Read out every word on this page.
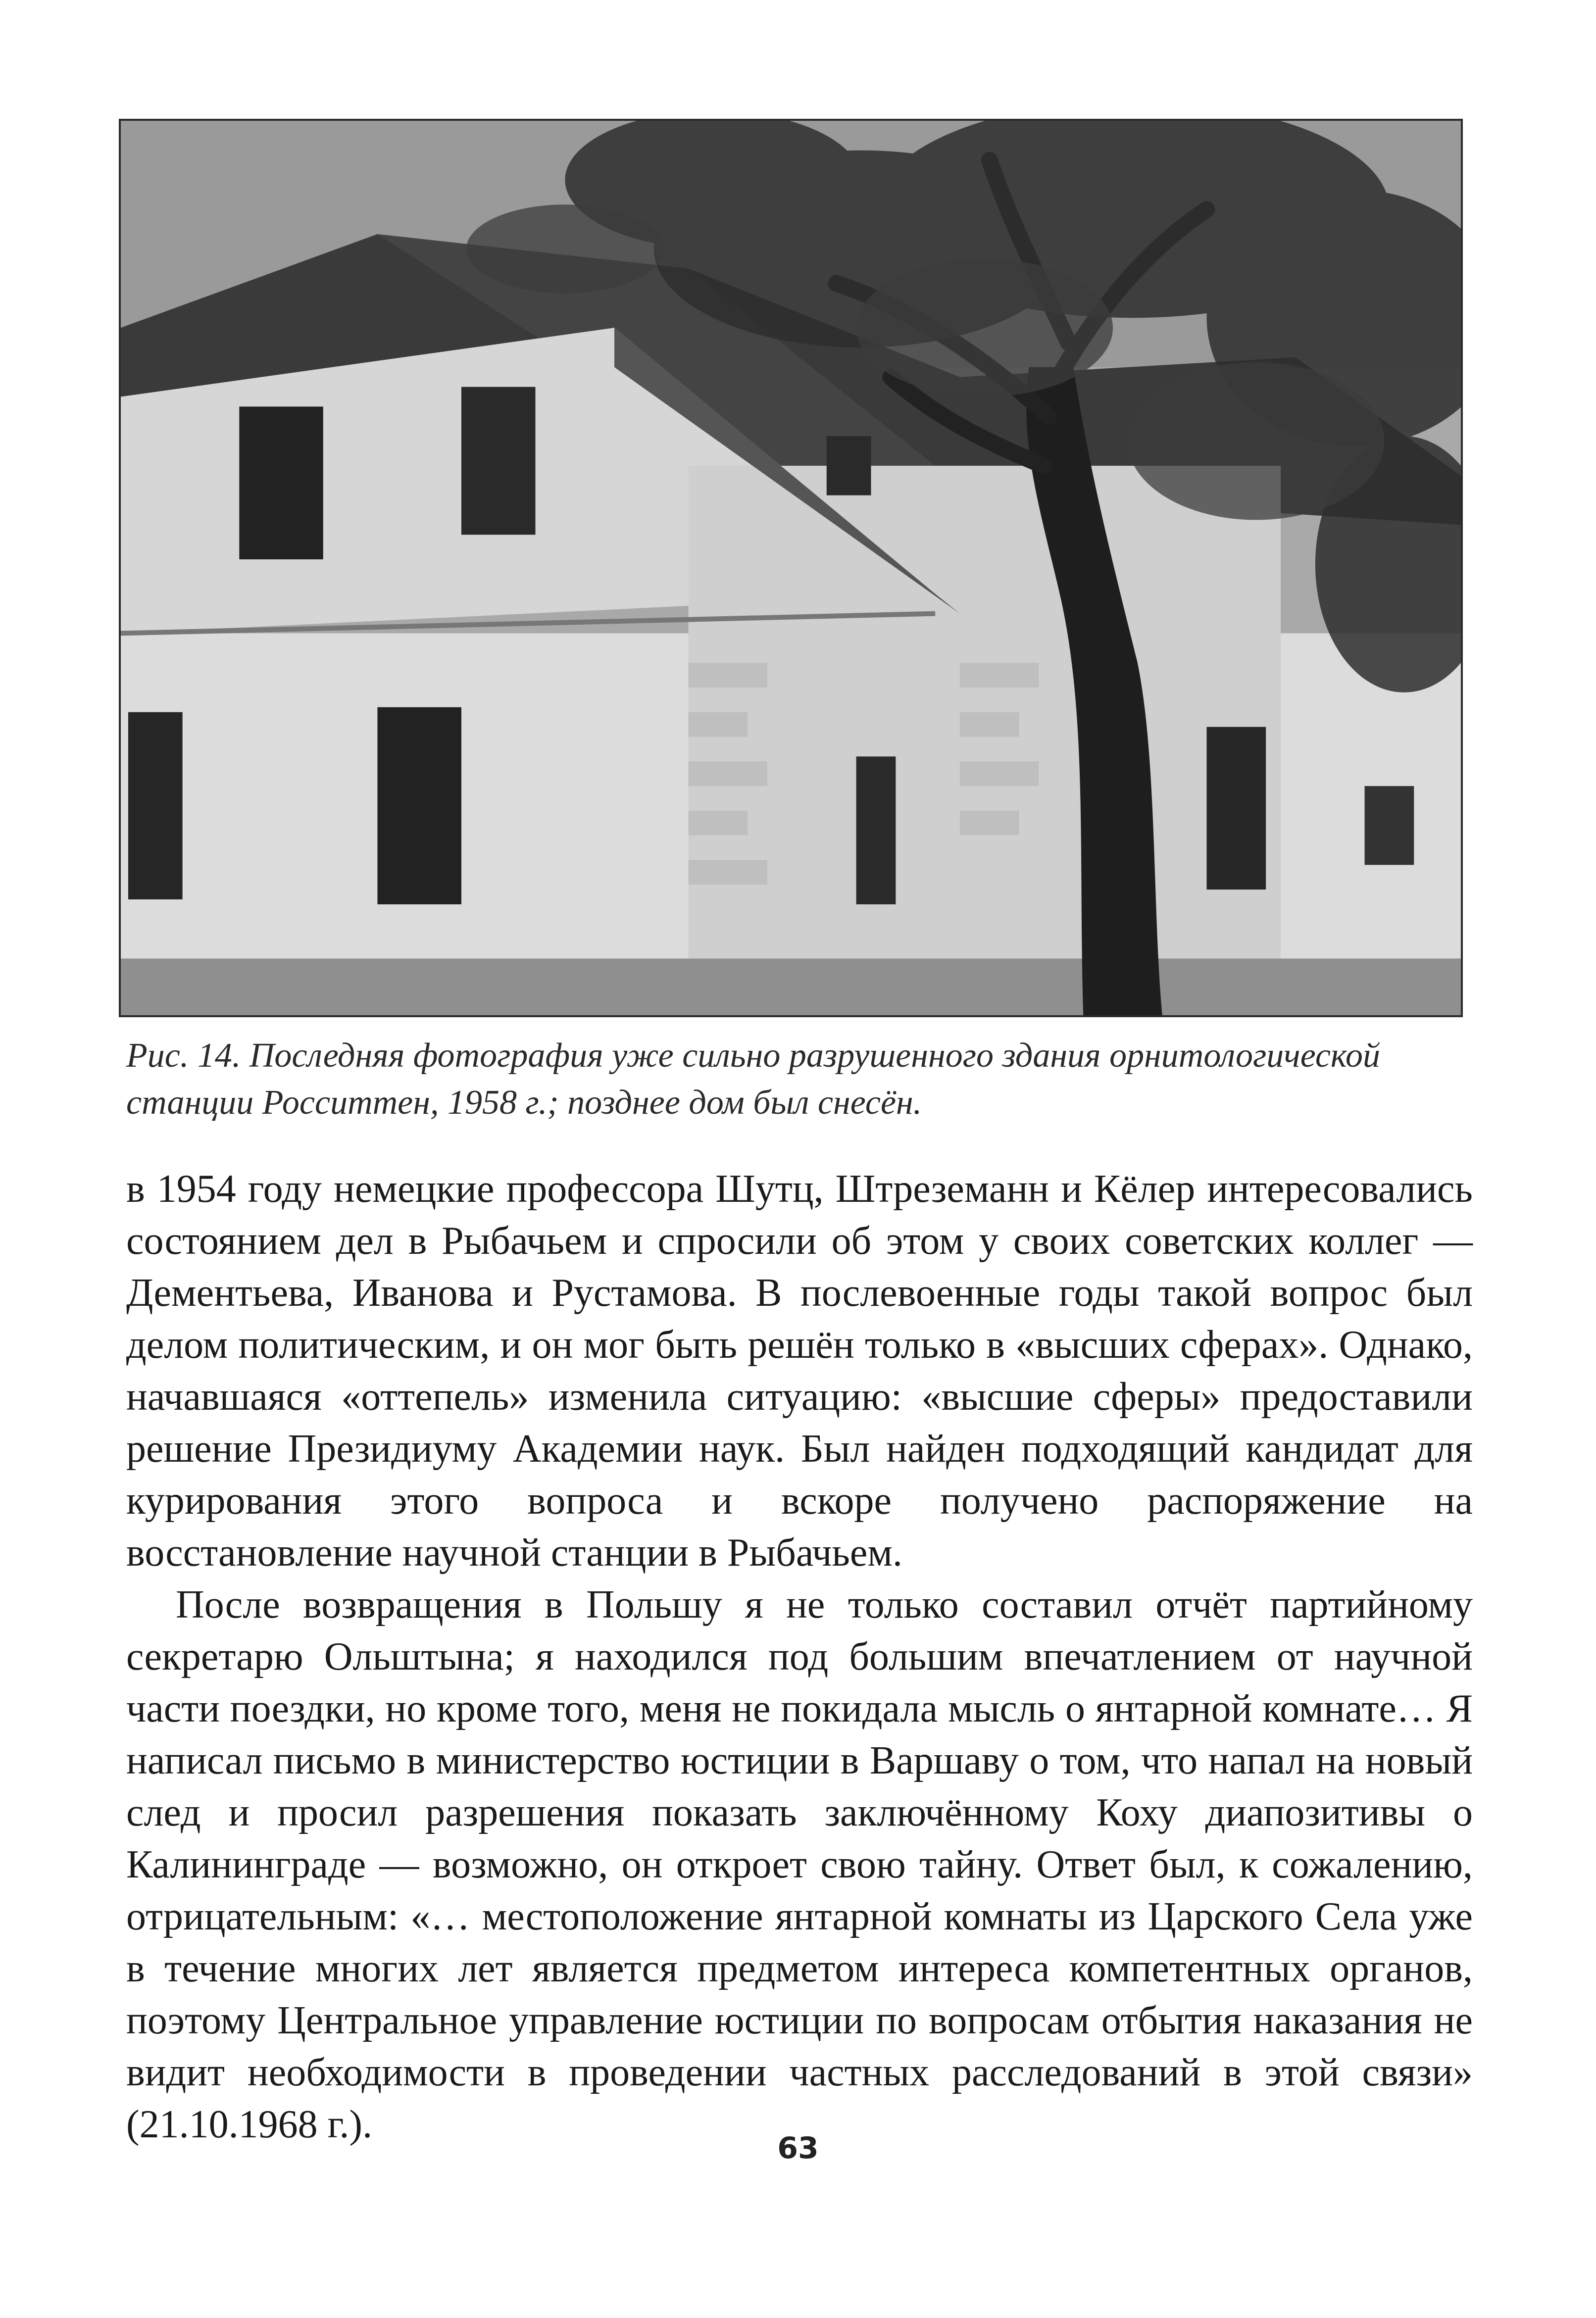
Рис. 14. Последняя фотография уже сильно разрушенного здания орнитологической станции Росситтен, 1958 г.; позднее дом был снесён.

в 1954 году немецкие профессора Шутц, Штреземанн и Кёлер интересовались состоянием дел в Рыбачьем и спросили об этом у своих советских коллег — Дементьева, Иванова и Рустамова. В послевоенные годы такой вопрос был делом политическим, и он мог быть решён только в «высших сферах». Однако, начавшаяся «оттепель» изменила ситуацию: «высшие сферы» предоставили решение Президиуму Академии наук. Был найден подходящий кандидат для курирования этого вопроса и вскоре получено распоряжение на восстановление научной станции в Рыбачьем.

После возвращения в Польшу я не только составил отчёт партийному секретарю Ольштына; я находился под большим впечатлением от научной части поездки, но кроме того, меня не покидала мысль о янтарной комнате… Я написал письмо в министерство юстиции в Варшаву о том, что напал на новый след и просил разрешения показать заключённому Коху диапозитивы о Калининграде — возможно, он откроет свою тайну. Ответ был, к сожалению, отрицательным: «… местоположение янтарной комнаты из Царского Села уже в течение многих лет является предметом интереса компетентных органов, поэтому Центральное управление юстиции по вопросам отбытия наказания не видит необходимости в проведении частных расследований в этой связи» (21.10.1968 г.).

63
